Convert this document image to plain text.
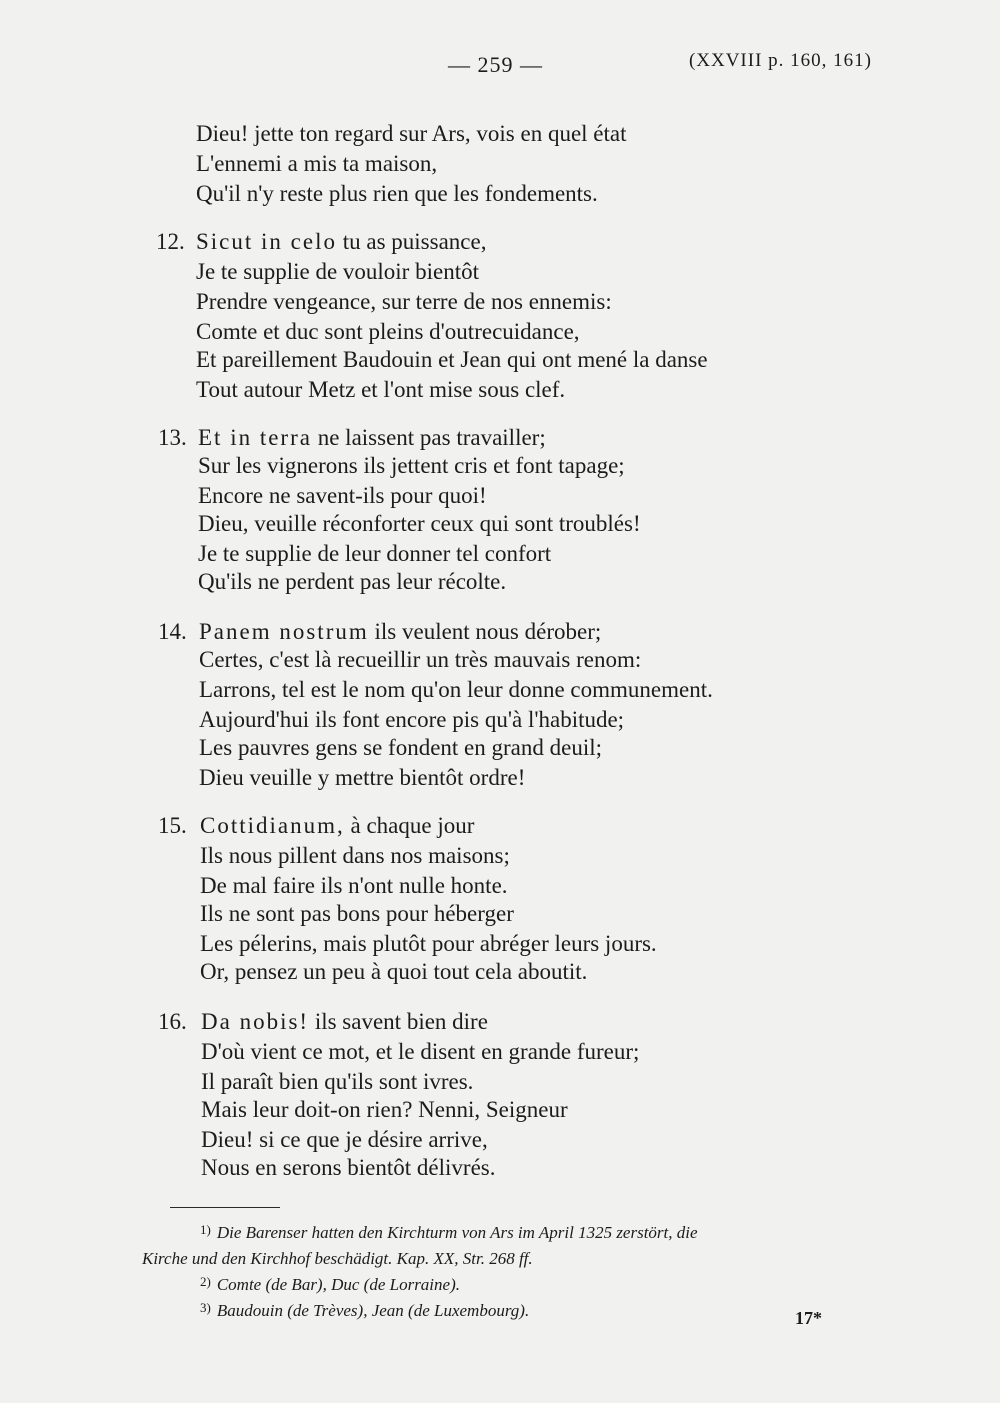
— 259 —	(XXVIII p. 160, 161)
Dieu! jette ton regard sur Ars, vois en quel état
L'ennemi a mis ta maison,
Qu'il n'y reste plus rien que les fondements.
12. Sicut in celo tu as puissance,
Je te supplie de vouloir bientôt
Prendre vengeance, sur terre de nos ennemis:
Comte et duc sont pleins d'outrecuidance,
Et pareillement Baudouin et Jean qui ont mené la danse
Tout autour Metz et l'ont mise sous clef.
13. Et in terra ne laissent pas travailler;
Sur les vignerons ils jettent cris et font tapage;
Encore ne savent-ils pour quoi!
Dieu, veuille réconforter ceux qui sont troublés!
Je te supplie de leur donner tel confort
Qu'ils ne perdent pas leur récolte.
14. Panem nostrum ils veulent nous dérober;
Certes, c'est là recueillir un très mauvais renom:
Larrons, tel est le nom qu'on leur donne communement.
Aujourd'hui ils font encore pis qu'à l'habitude;
Les pauvres gens se fondent en grand deuil;
Dieu veuille y mettre bientôt ordre!
15. Cottidianum, à chaque jour
Ils nous pillent dans nos maisons;
De mal faire ils n'ont nulle honte.
Ils ne sont pas bons pour héberger
Les pélerins, mais plutôt pour abréger leurs jours.
Or, pensez un peu à quoi tout cela aboutit.
16. Da nobis! ils savent bien dire
D'où vient ce mot, et le disent en grande fureur;
Il paraît bien qu'ils sont ivres.
Mais leur doit-on rien? Nenni, Seigneur
Dieu! si ce que je désire arrive,
Nous en serons bientôt délivrés.
$^{1)}$ Die Barenser hatten den Kirchturm von Ars im April 1325 zerstört, die
Kirche und den Kirchhof beschädigt. Kap. XX, Str. 268 ff.
$^{2)}$ Comte (de Bar), Duc (de Lorraine).
$^{3)}$ Baudouin (de Trèves), Jean (de Luxembourg).	17*
